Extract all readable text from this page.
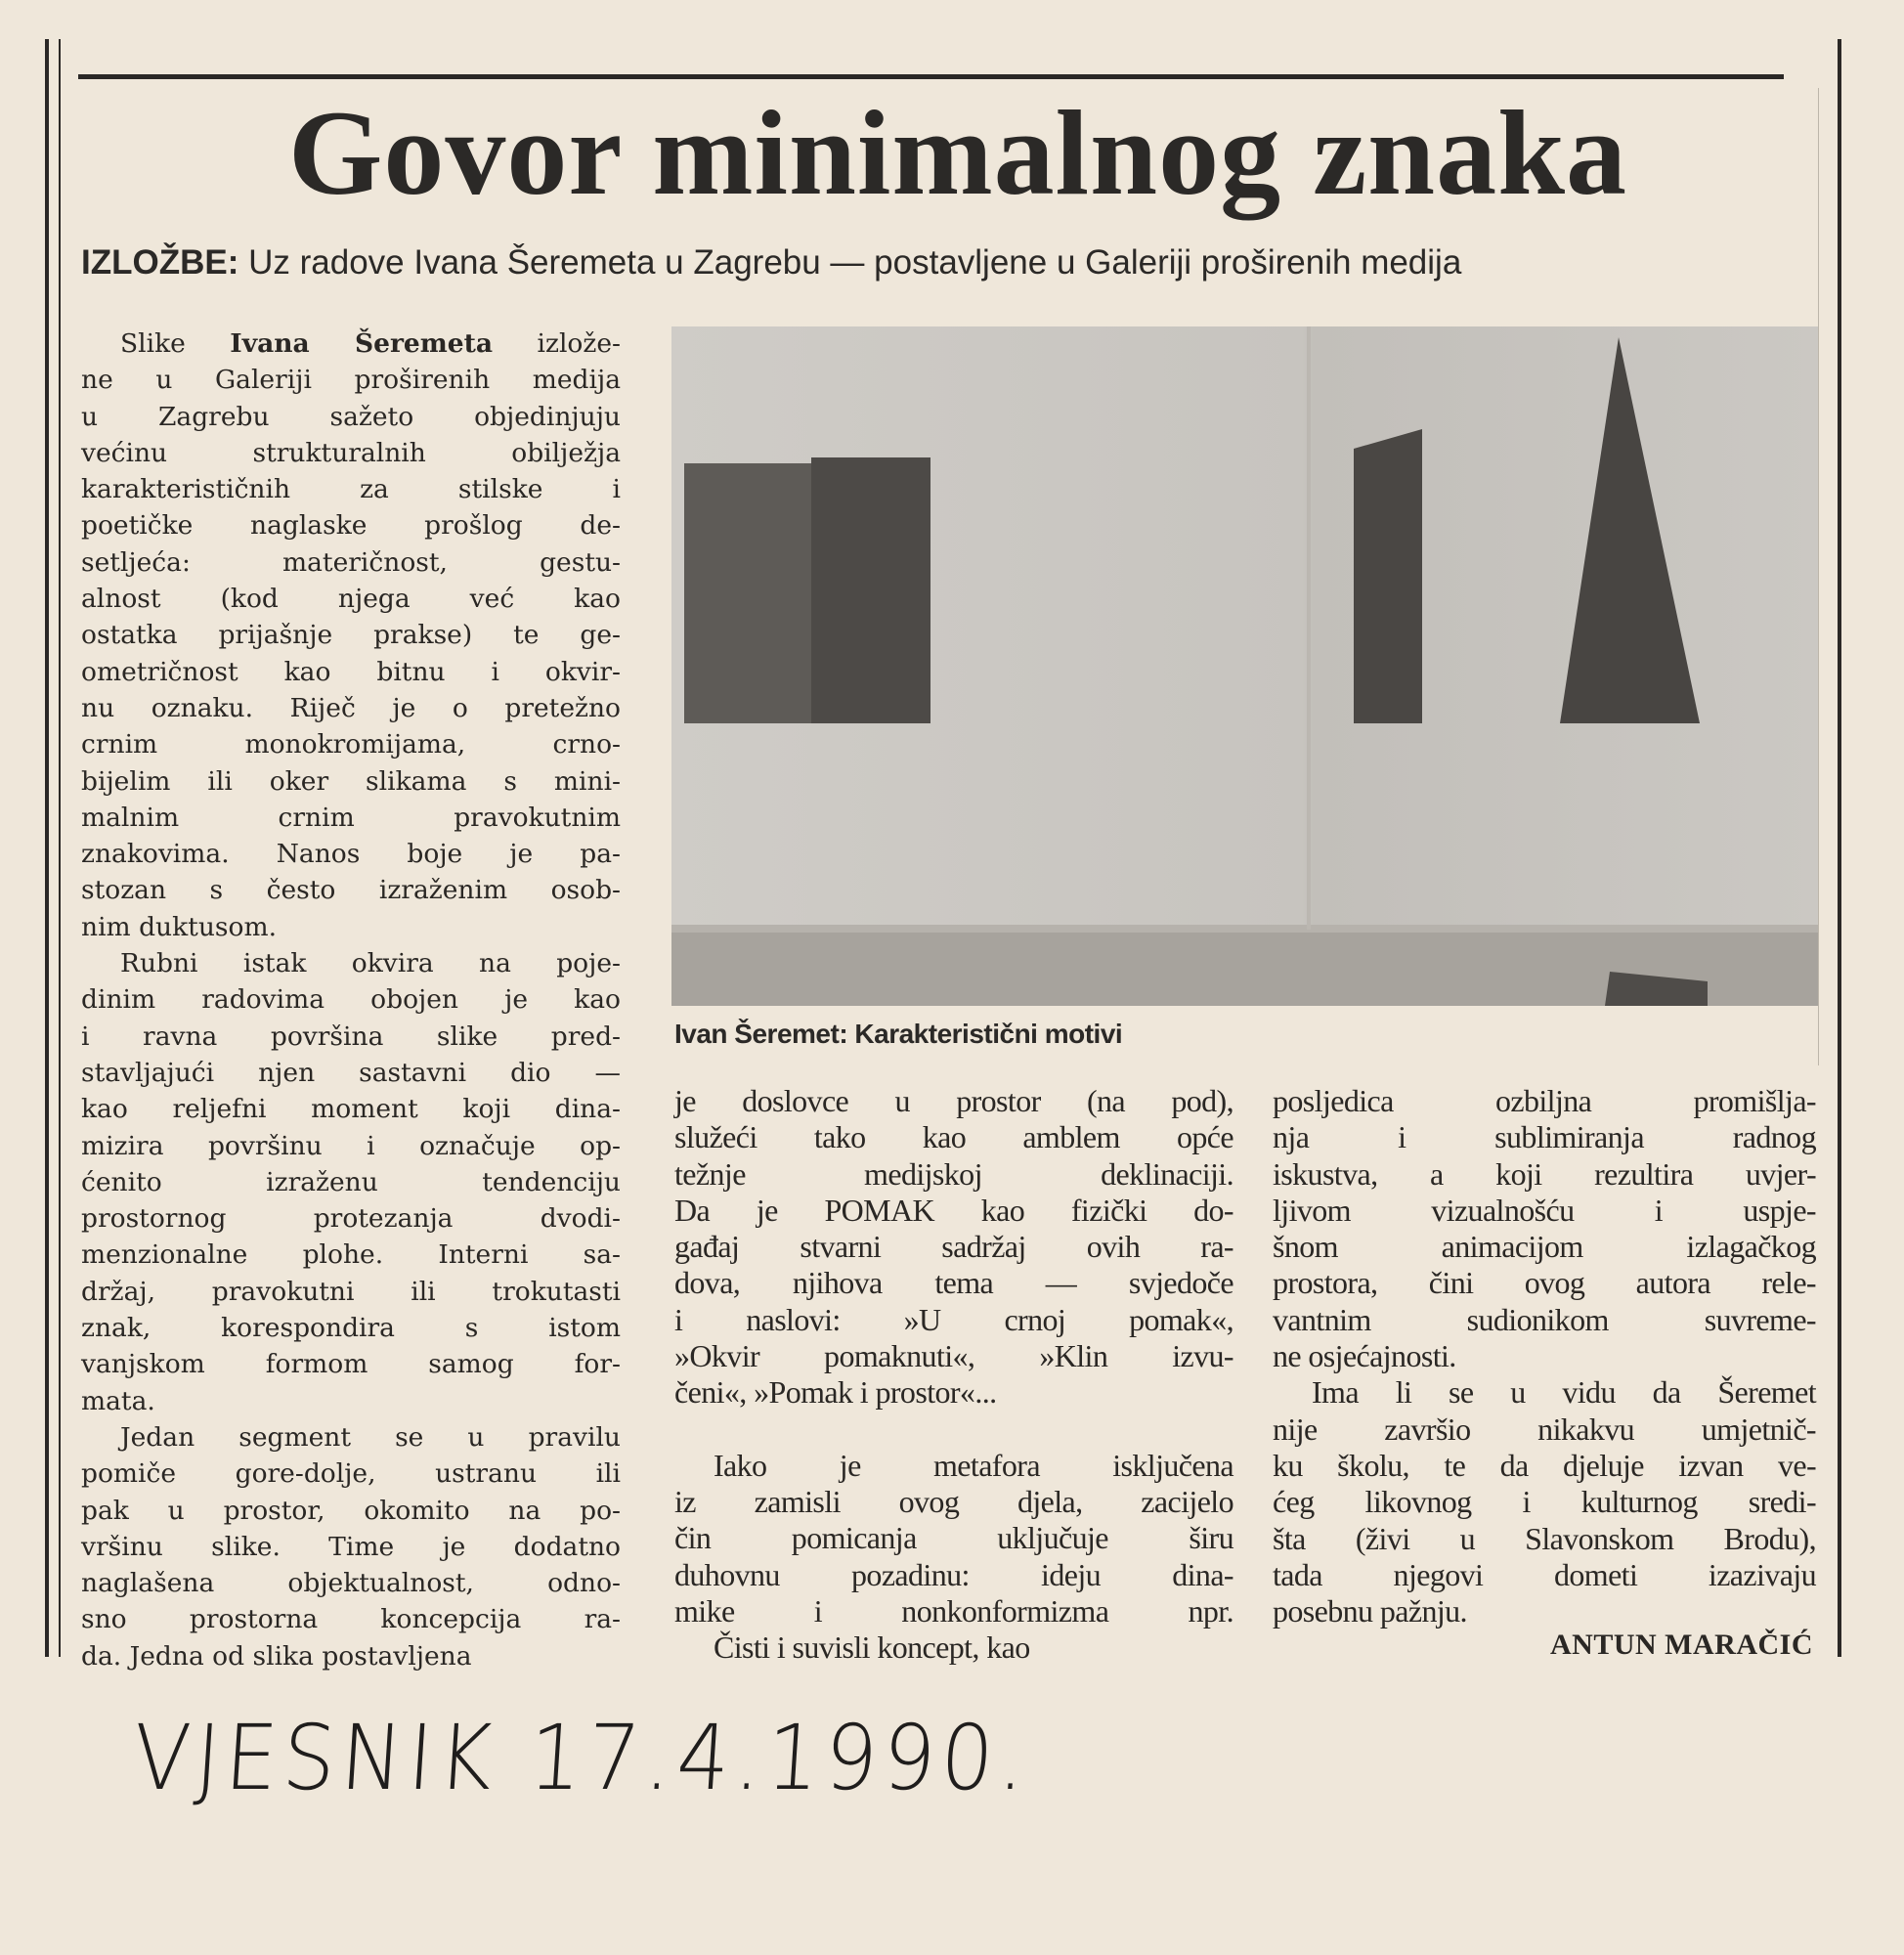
Govor minimalnog znaka
IZLOŽBE: Uz radove Ivana Šeremeta u Zagrebu — postavljene u Galeriji proširenih medija
Ivan Šeremet: Karakteristični motivi
Slike Ivana Šeremeta izlože-
ne u Galeriji proširenih medija
u Zagrebu sažeto objedinjuju
većinu strukturalnih obilježja
karakterističnih za stilske i
poetičke naglaske prošlog de-
setljeća: materičnost, gestu-
alnost (kod njega već kao
ostatka prijašnje prakse) te ge-
ometričnost kao bitnu i okvir-
nu oznaku. Riječ je o pretežno
crnim monokromijama, crno-
bijelim ili oker slikama s mini-
malnim crnim pravokutnim
znakovima. Nanos boje je pa-
stozan s često izraženim osob-
nim duktusom.
Rubni istak okvira na poje-
dinim radovima obojen je kao
i ravna površina slike pred-
stavljajući njen sastavni dio —
kao reljefni moment koji dina-
mizira površinu i označuje op-
ćenito izraženu tendenciju
prostornog protezanja dvodi-
menzionalne plohe. Interni sa-
držaj, pravokutni ili trokutasti
znak, korespondira s istom
vanjskom formom samog for-
mata.
Jedan segment se u pravilu
pomiče gore-dolje, ustranu ili
pak u prostor, okomito na po-
vršinu slike. Time je dodatno
naglašena objektualnost, odno-
sno prostorna koncepcija ra-
da. Jedna od slika postavljena
je doslovce u prostor (na pod),
služeći tako kao amblem opće
težnje medijskoj deklinaciji.
Da je POMAK kao fizički do-
gađaj stvarni sadržaj ovih ra-
dova, njihova tema — svjedoče
i naslovi: »U crnoj pomak«,
»Okvir pomaknuti«, »Klin izvu-
čeni«, »Pomak i prostor«...
Iako je metafora isključena
iz zamisli ovog djela, zacijelo
čin pomicanja uključuje širu
duhovnu pozadinu: ideju dina-
mike i nonkonformizma npr.
Čisti i suvisli koncept, kao
posljedica ozbiljna promišlja-
nja i sublimiranja radnog
iskustva, a koji rezultira uvjer-
ljivom vizualnošću i uspje-
šnom animacijom izlagačkog
prostora, čini ovog autora rele-
vantnim sudionikom suvreme-
ne osjećajnosti.
Ima li se u vidu da Šeremet
nije završio nikakvu umjetnič-
ku školu, te da djeluje izvan ve-
ćeg likovnog i kulturnog sredi-
šta (živi u Slavonskom Brodu),
tada njegovi dometi izazivaju
posebnu pažnju.
ANTUN MARAČIĆ
VJESNIK 17.4.1990.
